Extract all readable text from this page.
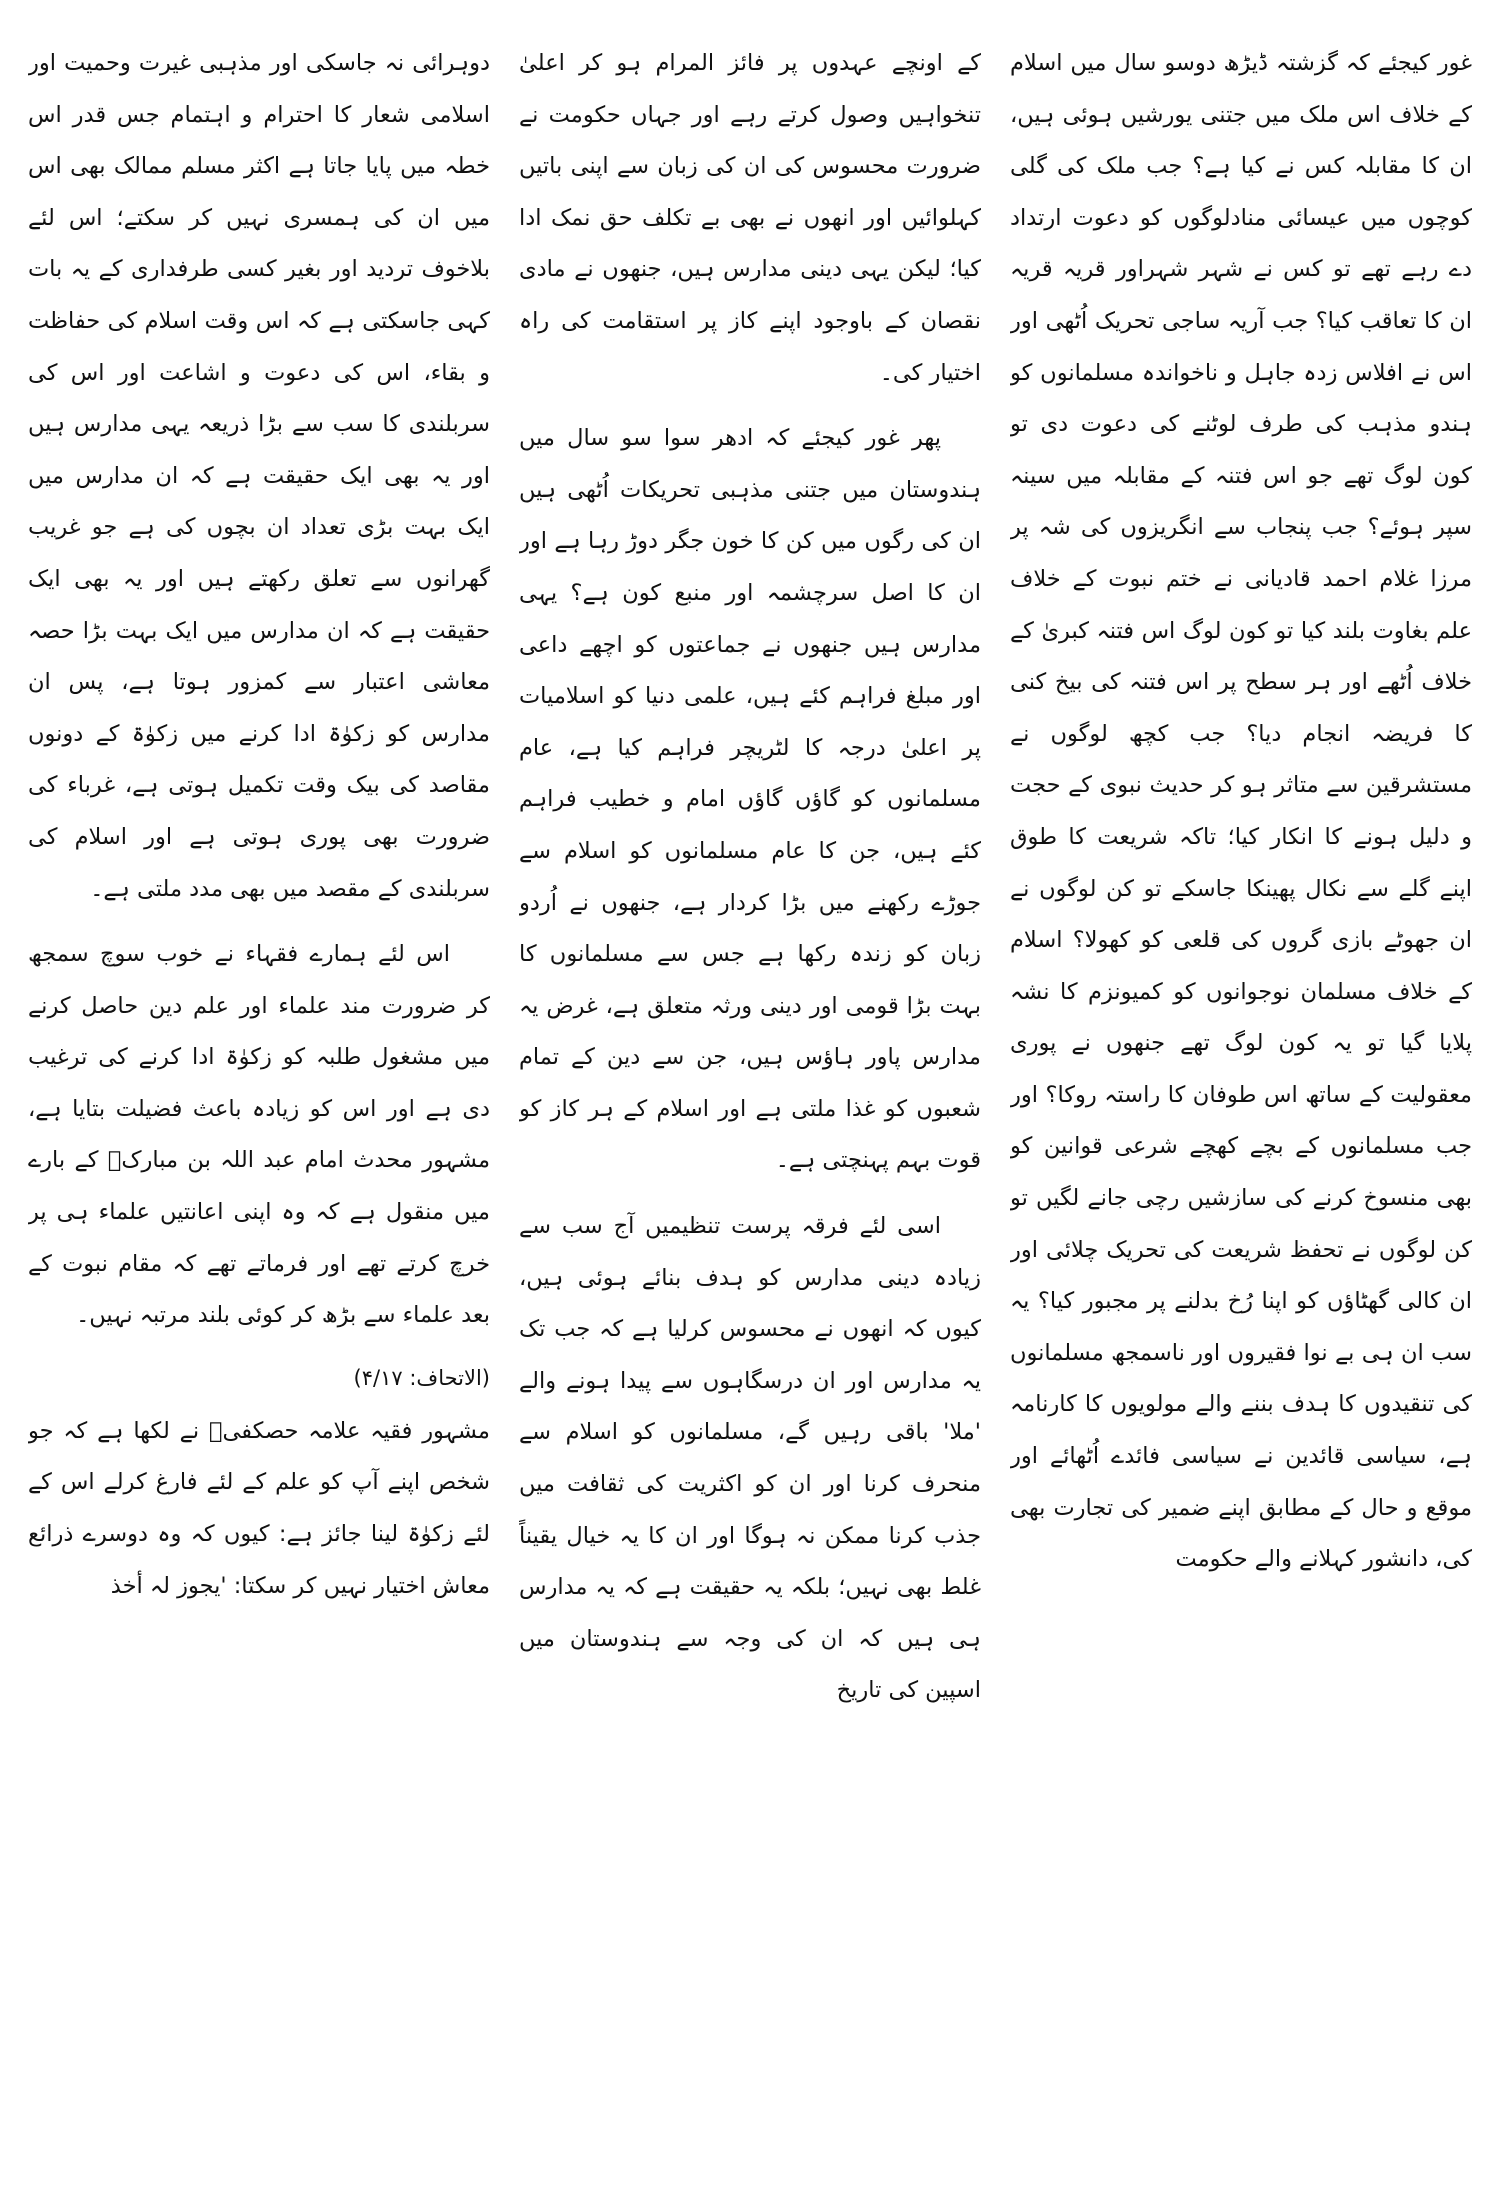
غور کیجئے کہ گزشتہ ڈیڑھ دوسو سال میں اسلام کے خلاف اس ملک میں جتنی یورشیں ہوئی ہیں، ان کا مقابلہ کس نے کیا ہے؟ جب ملک کی گلی کوچوں میں عیسائی منادلوگوں کو دعوت ارتداد دے رہے تھے تو کس نے شہر شہراور قریہ قریہ ان کا تعاقب کیا؟ جب آریہ ساجی تحریک اُٹھی اور اس نے افلاس زدہ جاہل و ناخواندہ مسلمانوں کو ہندو مذہب کی طرف لوٹنے کی دعوت دی تو کون لوگ تھے جو اس فتنہ کے مقابلہ میں سینہ سپر ہوئے؟ جب پنجاب سے انگریزوں کی شہ پر مرزا غلام احمد قادیانی نے ختم نبوت کے خلاف علم بغاوت بلند کیا تو کون لوگ اس فتنہ کبریٰ کے خلاف اُٹھے اور ہر سطح پر اس فتنہ کی بیخ کنی کا فریضہ انجام دیا؟ جب کچھ لوگوں نے مستشرقین سے متاثر ہو کر حدیث نبوی کے حجت و دلیل ہونے کا انکار کیا؛ تاکہ شریعت کا طوق اپنے گلے سے نکال پھینکا جاسکے تو کن لوگوں نے ان جھوٹے بازی گروں کی قلعی کو کھولا؟ اسلام کے خلاف مسلمان نوجوانوں کو کمیونزم کا نشہ پلایا گیا تو یہ کون لوگ تھے جنھوں نے پوری معقولیت کے ساتھ اس طوفان کا راستہ روکا؟ اور جب مسلمانوں کے بچے کھچے شرعی قوانین کو بھی منسوخ کرنے کی سازشیں رچی جانے لگیں تو کن لوگوں نے تحفظ شریعت کی تحریک چلائی اور ان کالی گھٹاؤں کو اپنا رُخ بدلنے پر مجبور کیا؟ یہ سب ان ہی بے نوا فقیروں اور ناسمجھ مسلمانوں کی تنقیدوں کا ہدف بننے والے مولویوں کا کارنامہ ہے، سیاسی قائدین نے سیاسی فائدے اُٹھائے اور موقع و حال کے مطابق اپنے ضمیر کی تجارت بھی کی، دانشور کہلانے والے حکومت

کے اونچے عہدوں پر فائز المرام ہو کر اعلیٰ تنخواہیں وصول کرتے رہے اور جہاں حکومت نے ضرورت محسوس کی ان کی زبان سے اپنی باتیں کہلوائیں اور انھوں نے بھی بے تکلف حق نمک ادا کیا؛ لیکن یہی دینی مدارس ہیں، جنھوں نے مادی نقصان کے باوجود اپنے کاز پر استقامت کی راہ اختیار کی۔

پھر غور کیجئے کہ ادھر سوا سو سال میں ہندوستان میں جتنی مذہبی تحریکات اُٹھی ہیں ان کی رگوں میں کن کا خون جگر دوڑ رہا ہے اور ان کا اصل سرچشمہ اور منبع کون ہے؟ یہی مدارس ہیں جنھوں نے جماعتوں کو اچھے داعی اور مبلغ فراہم کئے ہیں، علمی دنیا کو اسلامیات پر اعلیٰ درجہ کا لٹریچر فراہم کیا ہے، عام مسلمانوں کو گاؤں گاؤں امام و خطیب فراہم کئے ہیں، جن کا عام مسلمانوں کو اسلام سے جوڑے رکھنے میں بڑا کردار ہے، جنھوں نے اُردو زبان کو زندہ رکھا ہے جس سے مسلمانوں کا بہت بڑا قومی اور دینی ورثہ متعلق ہے، غرض یہ مدارس پاور ہاؤس ہیں، جن سے دین کے تمام شعبوں کو غذا ملتی ہے اور اسلام کے ہر کاز کو قوت بہم پہنچتی ہے۔

اسی لئے فرقہ پرست تنظیمیں آج سب سے زیادہ دینی مدارس کو ہدف بنائے ہوئی ہیں، کیوں کہ انھوں نے محسوس کرلیا ہے کہ جب تک یہ مدارس اور ان درسگاہوں سے پیدا ہونے والے 'ملا' باقی رہیں گے، مسلمانوں کو اسلام سے منحرف کرنا اور ان کو اکثریت کی ثقافت میں جذب کرنا ممکن نہ ہوگا اور ان کا یہ خیال یقیناً غلط بھی نہیں؛ بلکہ یہ حقیقت ہے کہ یہ مدارس ہی ہیں کہ ان کی وجہ سے ہندوستان میں اسپین کی تاریخ

دوہرائی نہ جاسکی اور مذہبی غیرت وحمیت اور اسلامی شعار کا احترام و اہتمام جس قدر اس خطہ میں پایا جاتا ہے اکثر مسلم ممالک بھی اس میں ان کی ہمسری نہیں کر سکتے؛ اس لئے بلاخوف تردید اور بغیر کسی طرفداری کے یہ بات کہی جاسکتی ہے کہ اس وقت اسلام کی حفاظت و بقاء، اس کی دعوت و اشاعت اور اس کی سربلندی کا سب سے بڑا ذریعہ یہی مدارس ہیں اور یہ بھی ایک حقیقت ہے کہ ان مدارس میں ایک بہت بڑی تعداد ان بچوں کی ہے جو غریب گھرانوں سے تعلق رکھتے ہیں اور یہ بھی ایک حقیقت ہے کہ ان مدارس میں ایک بہت بڑا حصہ معاشی اعتبار سے کمزور ہوتا ہے، پس ان مدارس کو زکوٰۃ ادا کرنے میں زکوٰۃ کے دونوں مقاصد کی بیک وقت تکمیل ہوتی ہے، غرباء کی ضرورت بھی پوری ہوتی ہے اور اسلام کی سربلندی کے مقصد میں بھی مدد ملتی ہے۔

اس لئے ہمارے فقہاء نے خوب سوچ سمجھ کر ضرورت مند علماء اور علم دین حاصل کرنے میں مشغول طلبہ کو زکوٰۃ ادا کرنے کی ترغیب دی ہے اور اس کو زیادہ باعث فضیلت بتایا ہے، مشہور محدث امام عبد اللہ بن مبارکؒ کے بارے میں منقول ہے کہ وہ اپنی اعانتیں علماء ہی پر خرچ کرتے تھے اور فرماتے تھے کہ مقام نبوت کے بعد علماء سے بڑھ کر کوئی بلند مرتبہ نہیں۔

(الاتحاف: ۴/۱۷)

مشہور فقیہ علامہ حصکفیؒ نے لکھا ہے کہ جو شخص اپنے آپ کو علم کے لئے فارغ کرلے اس کے لئے زکوٰۃ لینا جائز ہے: کیوں کہ وہ دوسرے ذرائع معاش اختیار نہیں کر سکتا: 'یجوز لہ أخذ
